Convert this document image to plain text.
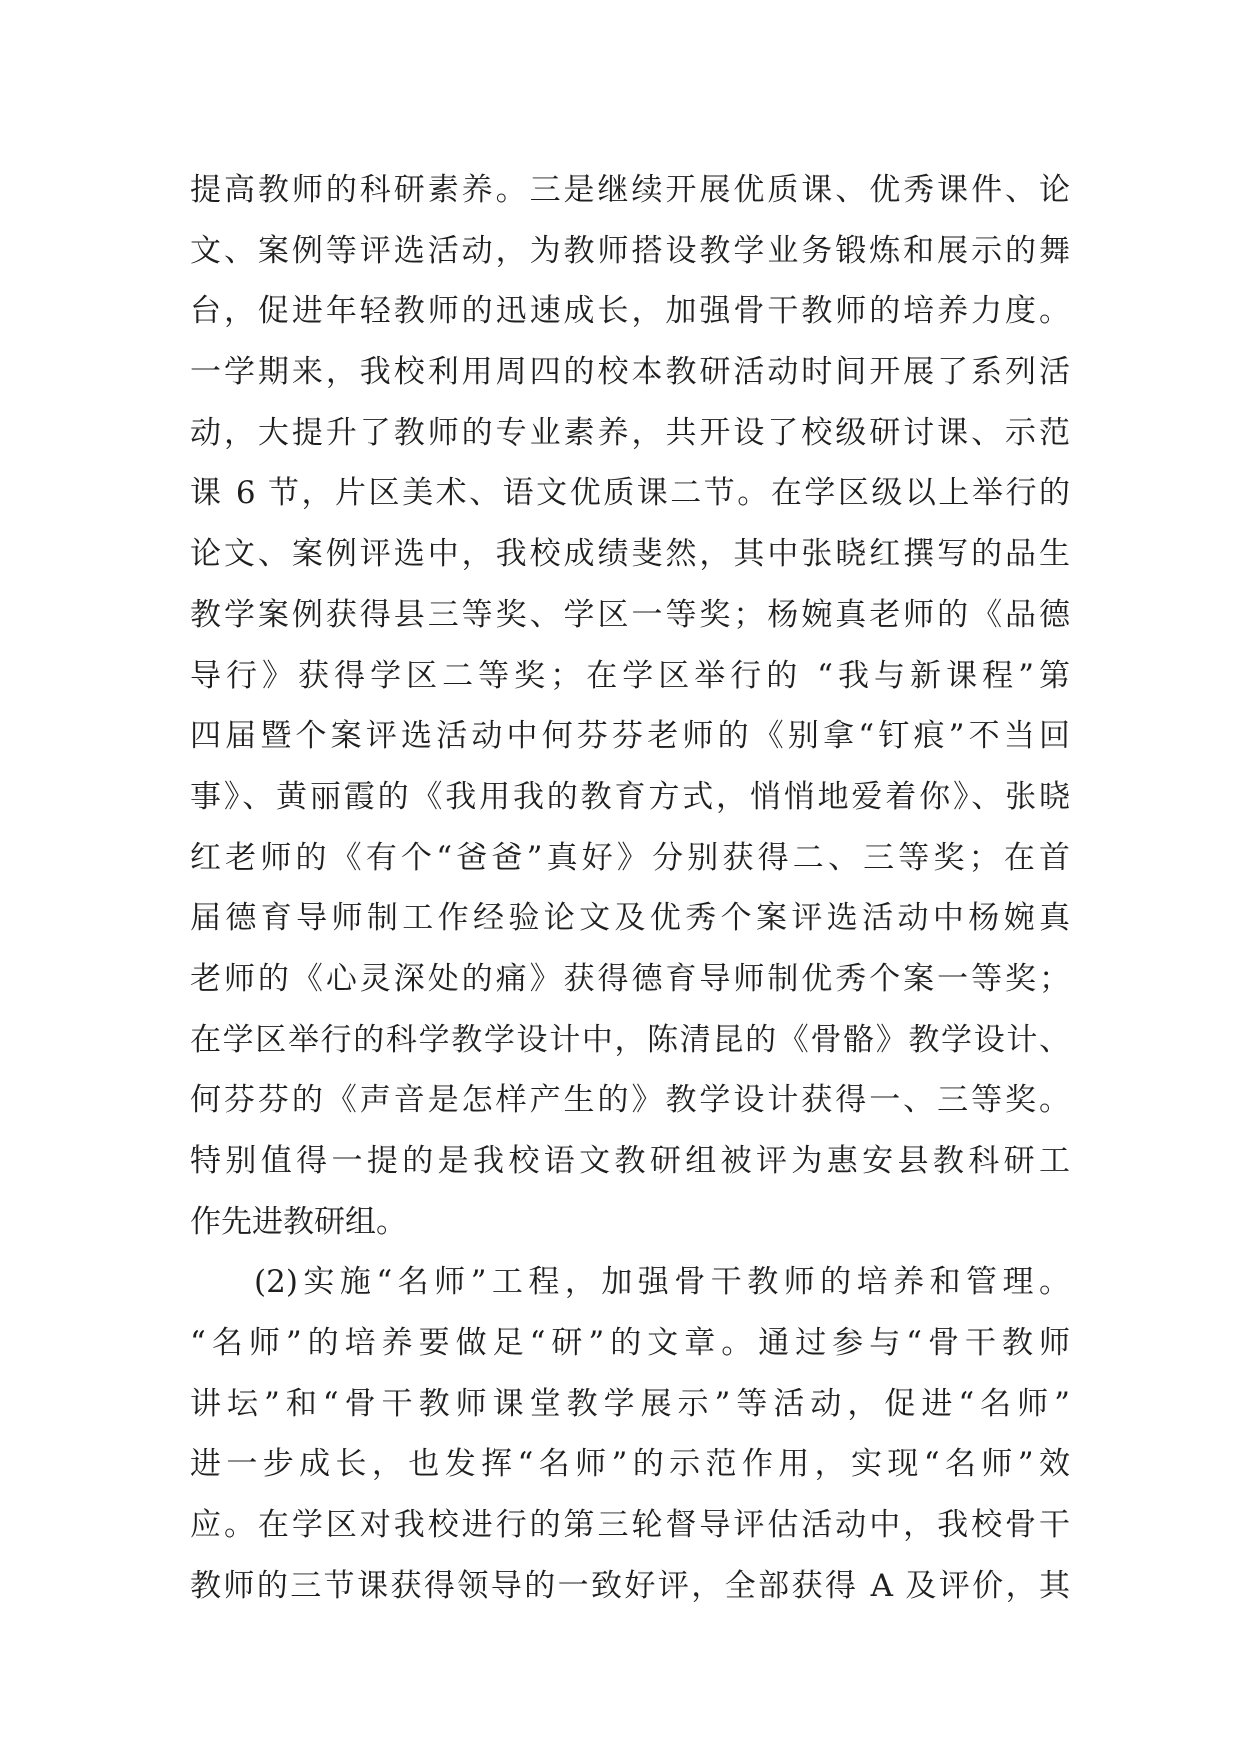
提高教师的科研素养。三是继续开展优质课、优秀课件、论
文、案例等评选活动，为教师搭设教学业务锻炼和展示的舞
台，促进年轻教师的迅速成长，加强骨干教师的培养力度。
一学期来，我校利用周四的校本教研活动时间开展了系列活
动，大提升了教师的专业素养，共开设了校级研讨课、示范
课 6 节，片区美术、语文优质课二节。在学区级以上举行的
论文、案例评选中，我校成绩斐然，其中张晓红撰写的品生
教学案例获得县三等奖、学区一等奖；杨婉真老师的《品德
导行》获得学区二等奖；在学区举行的 “我与新课程”第
四届暨个案评选活动中何芬芬老师的《别拿“钉痕”不当回
事》、黄丽霞的《我用我的教育方式，悄悄地爱着你》、张晓
红老师的《有个“爸爸”真好》分别获得二、三等奖；在首
届德育导师制工作经验论文及优秀个案评选活动中杨婉真
老师的《心灵深处的痛》获得德育导师制优秀个案一等奖；
在学区举行的科学教学设计中，陈清昆的《骨骼》教学设计、
何芬芬的《声音是怎样产生的》教学设计获得一、三等奖。
特别值得一提的是我校语文教研组被评为惠安县教科研工
作先进教研组。
(2)实施“名师”工程，加强骨干教师的培养和管理。
“名师”的培养要做足“研”的文章。通过参与“骨干教师
讲坛”和“骨干教师课堂教学展示”等活动，促进“名师”
进一步成长，也发挥“名师”的示范作用，实现“名师”效
应。在学区对我校进行的第三轮督导评估活动中，我校骨干
教师的三节课获得领导的一致好评，全部获得 A 及评价，其
